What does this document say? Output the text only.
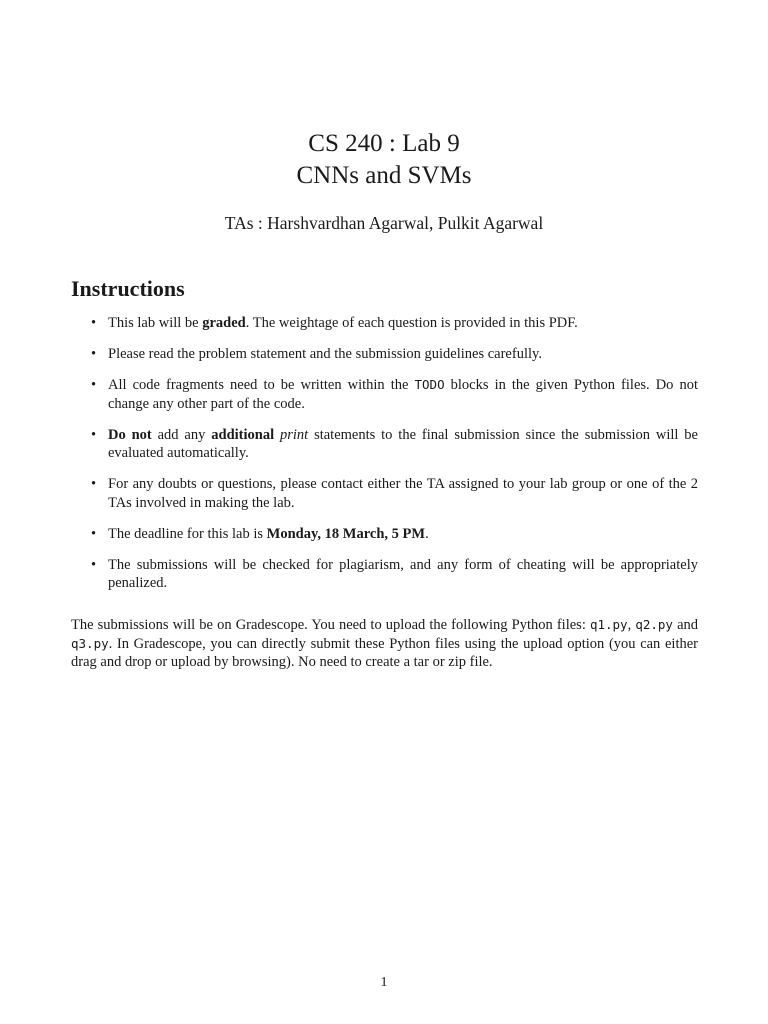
CS 240 : Lab 9
CNNs and SVMs
TAs : Harshvardhan Agarwal, Pulkit Agarwal
Instructions
• This lab will be graded. The weightage of each question is provided in this PDF.
• Please read the problem statement and the submission guidelines carefully.
• All code fragments need to be written within the TODO blocks in the given Python files. Do not change any other part of the code.
• Do not add any additional print statements to the final submission since the submission will be evaluated automatically.
• For any doubts or questions, please contact either the TA assigned to your lab group or one of the 2 TAs involved in making the lab.
• The deadline for this lab is Monday, 18 March, 5 PM.
• The submissions will be checked for plagiarism, and any form of cheating will be appropriately penalized.

The submissions will be on Gradescope. You need to upload the following Python files: q1.py, q2.py and q3.py. In Gradescope, you can directly submit these Python files using the upload option (you can either drag and drop or upload by browsing). No need to create a tar or zip file.

1
